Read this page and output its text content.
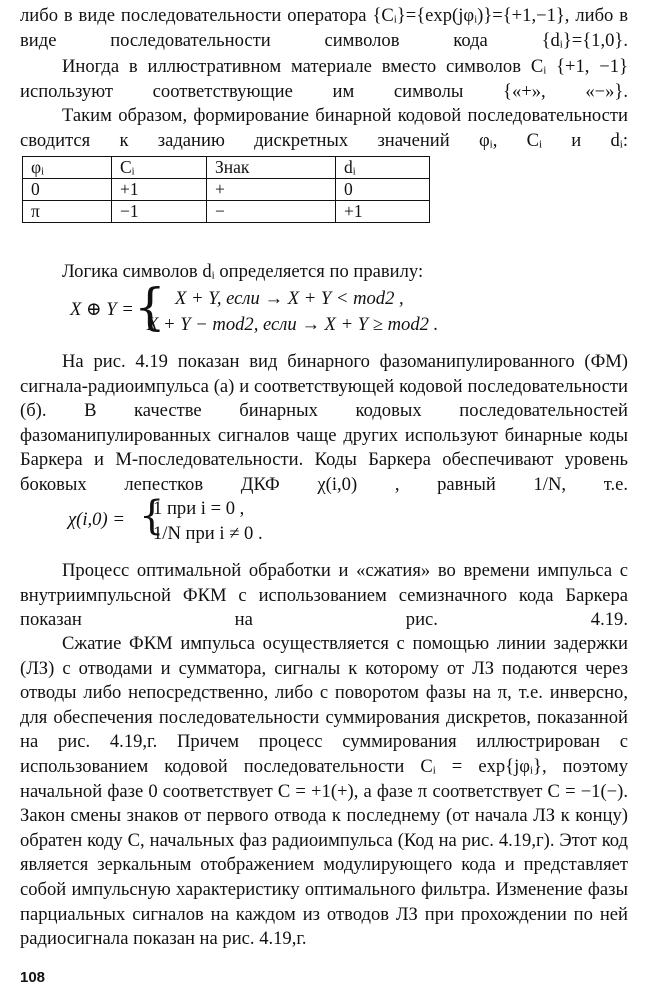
либо в виде последовательности оператора {Cᵢ}={exp(jφᵢ)}={+1,−1}, либо в виде последовательности символов кода {dᵢ}={1,0}.

Иногда в иллюстративном материале вместо символов Cᵢ {+1, −1} используют соответствующие им символы {«+», «−»}.

Таким образом, формирование бинарной кодовой последовательности сводится к заданию дискретных значений φᵢ, Cᵢ и dᵢ:

φᵢ	Cᵢ	Знак	dᵢ
0	+1	+	0
π	−1	−	+1

Логика символов dᵢ определяется по правилу:

X ⊕ Y = { X + Y, если → X + Y < mod2 ,
X + Y − mod2, если → X + Y ≥ mod2 .

На рис. 4.19 показан вид бинарного фазоманипулированного (ФМ) сигнала-радиоимпульса (а) и соответствующей кодовой последовательности (б). В качестве бинарных кодовых последовательностей фазоманипулированных сигналов чаще других используют бинарные коды Баркера и М-последовательности. Коды Баркера обеспечивают уровень боковых лепестков ДКФ χ(i,0) , равный 1/N, т.е.

χ(i,0) = {
1 при i = 0 ,
1/N при i ≠ 0 .

Процесс оптимальной обработки и «сжатия» во времени импульса с внутриимпульсной ФКМ с использованием семизначного кода Баркера показан на рис. 4.19.

Сжатие ФКМ импульса осуществляется с помощью линии задержки (ЛЗ) с отводами и сумматора, сигналы к которому от ЛЗ подаются через отводы либо непосредственно, либо с поворотом фазы на π, т.е. инверсно, для обеспечения последовательности суммирования дискретов, показанной на рис. 4.19,г. Причем процесс суммирования иллюстрирован с использованием кодовой последовательности Cᵢ = exp{jφᵢ}, поэтому начальной фазе 0 соответствует C = +1(+), а фазе π соответствует C = −1(−). Закон смены знаков от первого отвода к последнему (от начала ЛЗ к концу) обратен коду C, начальных фаз радиоимпульса (Код на рис. 4.19,г). Этот код является зеркальным отображением модулирующего кода и представляет собой импульсную характеристику оптимального фильтра. Изменение фазы парциальных сигналов на каждом из отводов ЛЗ при прохождении по ней радиосигнала показан на рис. 4.19,г.

108
